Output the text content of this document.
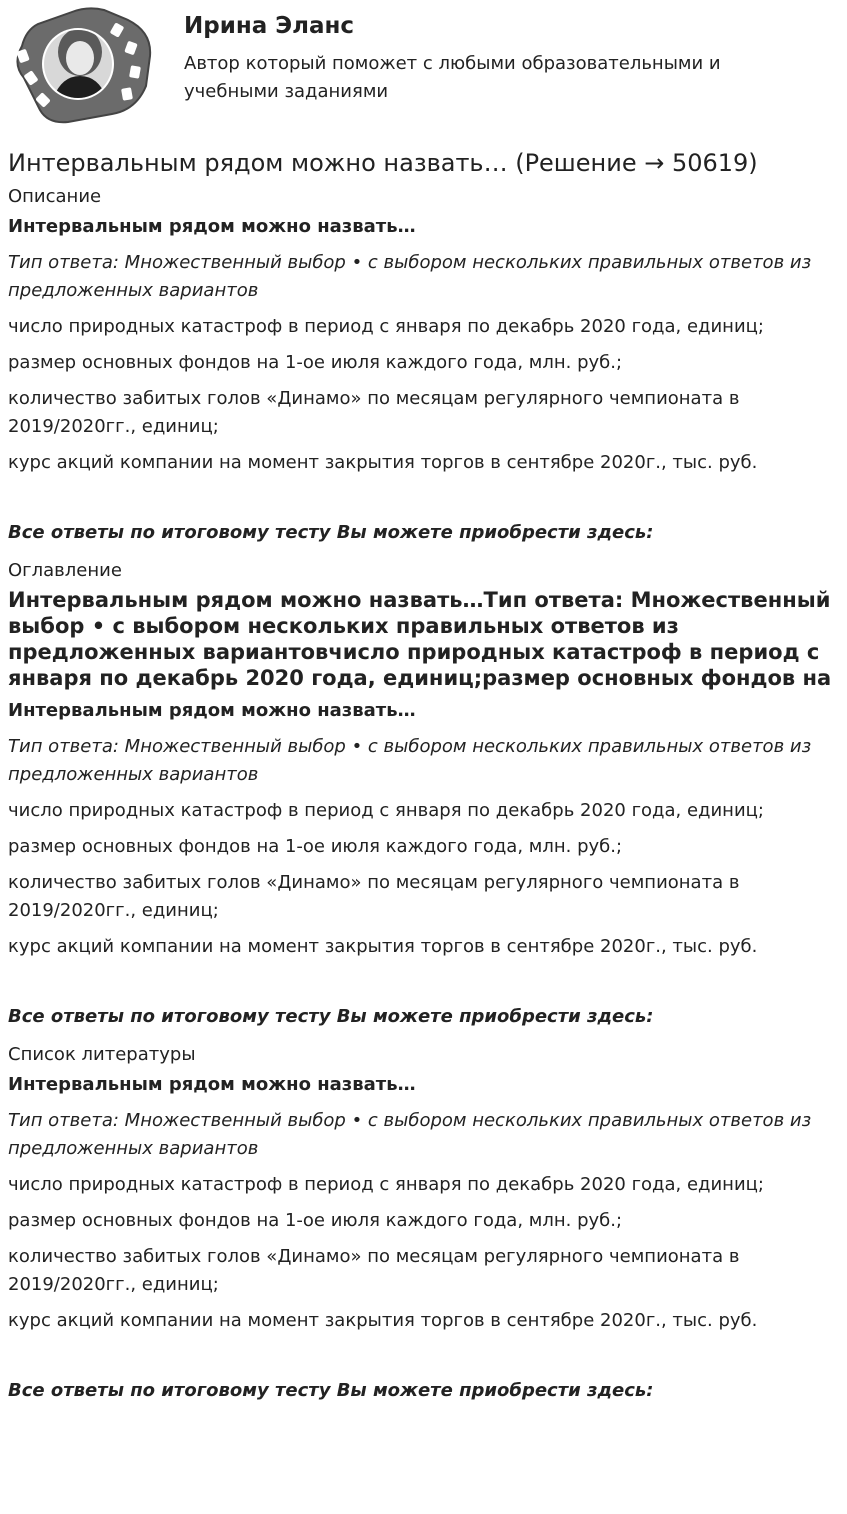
Ирина Эланс

Автор который поможет с любыми образовательными и учебными заданиями

Интервальным рядом можно назвать… (Решение → 50619)
Описание
Интервальным рядом можно назвать…
Тип ответа: Множественный выбор • с выбором нескольких правильных ответов из предложенных вариантов
число природных катастроф в период с января по декабрь 2020 года, единиц;
размер основных фондов на 1-ое июля каждого года, млн. руб.;
количество забитых голов «Динамо» по месяцам регулярного чемпионата в 2019/2020гг., единиц;
курс акций компании на момент закрытия торгов в сентябре 2020г., тыс. руб.
Все ответы по итоговому тесту Вы можете приобрести здесь:
Оглавление
Интервальным рядом можно назвать…Тип ответа: Множественный выбор • с выбором нескольких правильных ответов из предложенных вариантовчисло природных катастроф в период с января по декабрь 2020 года, единиц;размер основных фондов на
Интервальным рядом можно назвать…
Тип ответа: Множественный выбор • с выбором нескольких правильных ответов из предложенных вариантов
число природных катастроф в период с января по декабрь 2020 года, единиц;
размер основных фондов на 1-ое июля каждого года, млн. руб.;
количество забитых голов «Динамо» по месяцам регулярного чемпионата в 2019/2020гг., единиц;
курс акций компании на момент закрытия торгов в сентябре 2020г., тыс. руб.
Все ответы по итоговому тесту Вы можете приобрести здесь:
Список литературы
Интервальным рядом можно назвать…
Тип ответа: Множественный выбор • с выбором нескольких правильных ответов из предложенных вариантов
число природных катастроф в период с января по декабрь 2020 года, единиц;
размер основных фондов на 1-ое июля каждого года, млн. руб.;
количество забитых голов «Динамо» по месяцам регулярного чемпионата в 2019/2020гг., единиц;
курс акций компании на момент закрытия торгов в сентябре 2020г., тыс. руб.
Все ответы по итоговому тесту Вы можете приобрести здесь:
